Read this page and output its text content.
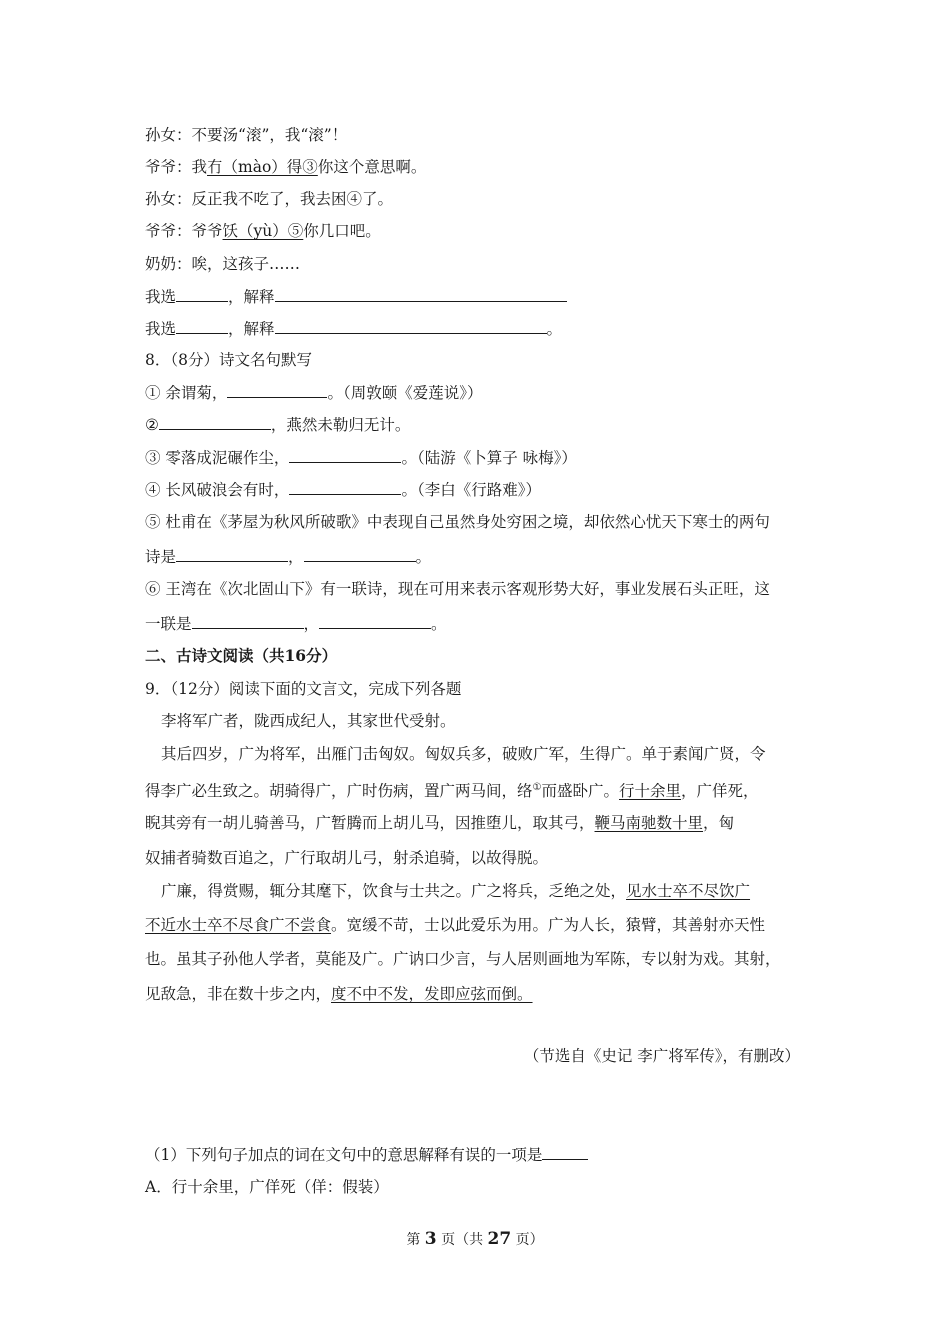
孙女：不要汤“滚”，我“滚”！
爷爷：我冇（mào）得③你这个意思啊。
孙女：反正我不吃了，我去困④了。
爷爷：爷爷饫（yù）⑤你几口吧。
奶奶：唉，这孩子……
我选	，解释
我选	，解释	。
8．（8分）诗文名句默写
① 余谓菊，	。（周敦颐《爱莲说》）
②	，燕然未勒归无计。
③ 零落成泥碾作尘，	。（陆游《卜算子 咏梅》）
④ 长风破浪会有时，	。（李白《行路难》）
⑤ 杜甫在《茅屋为秋风所破歌》中表现自己虽然身处穷困之境，却依然心忧天下寒士的两句
诗是	，	。
⑥ 王湾在《次北固山下》有一联诗，现在可用来表示客观形势大好，事业发展石头正旺，这
一联是	，	。
二、古诗文阅读（共16分）
9．（12分）阅读下面的文言文，完成下列各题
李将军广者，陇西成纪人，其家世代受射。
其后四岁，广为将军，出雁门击匈奴。匈奴兵多，破败广军，生得广。单于素闻广贤，令
得李广必生致之。胡骑得广，广时伤病，置广两马间，络①而盛卧广。行十余里，广佯死，
睨其旁有一胡儿骑善马，广暂腾而上胡儿马，因推堕儿，取其弓，鞭马南驰数十里，匈
奴捕者骑数百追之，广行取胡儿弓，射杀追骑，以故得脱。
广廉，得赏赐，辄分其麾下，饮食与士共之。广之将兵，乏绝之处，见水士卒不尽饮广
不近水士卒不尽食广不尝食。宽缓不苛，士以此爱乐为用。广为人长，猿臂，其善射亦天性
也。虽其子孙他人学者，莫能及广。广讷口少言，与人居则画地为军陈，专以射为戏。其射，
见敌急，非在数十步之内，度不中不发，发即应弦而倒。
（节选自《史记 李广将军传》，有删改）
（1）下列句子加点的词在文句中的意思解释有误的一项是
A．行十余里，广佯死（佯：假装）
第 3 页（共 27 页）
